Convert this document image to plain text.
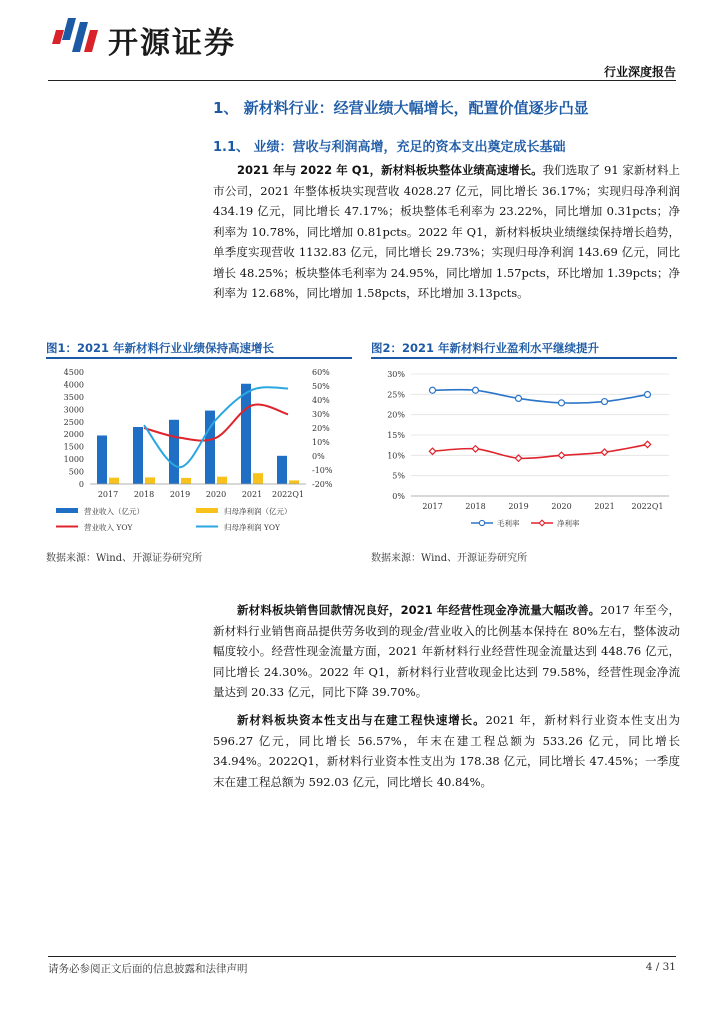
开源证券
行业深度报告
1、 新材料行业：经营业绩大幅增长，配置价值逐步凸显
1.1、 业绩：营收与利润高增，充足的资本支出奠定成长基础
2021 年与 2022 年 Q1，新材料板块整体业绩高速增长。我们选取了 91 家新材料上市公司，2021 年整体板块实现营收 4028.27 亿元，同比增长 36.17%；实现归母净利润 434.19 亿元，同比增长 47.17%；板块整体毛利率为 23.22%，同比增加 0.31pcts；净利率为 10.78%，同比增加 0.81pcts。2022 年 Q1，新材料板块业绩继续保持增长趋势，单季度实现营收 1132.83 亿元，同比增长 29.73%；实现归母净利润 143.69 亿元，同比增长 48.25%；板块整体毛利率为 24.95%，同比增加 1.57pcts，环比增加 1.39pcts；净利率为 12.68%，同比增加 1.58pcts，环比增加 3.13pcts。
图1：2021 年新材料行业业绩保持高速增长	图2：2021 年新材料行业盈利水平继续提升
4500
4000
3500
3000
2500
2000
1500
1000
500
0
60%
50%
40%
30%
20%
10%
0%
-10%
-20%
2017 2018 2019 2020 2021 2022Q1
营业收入（亿元）	归母净利润（亿元）
营业收入 YOY	归母净利润 YOY
30%
25%
20%
15%
10%
5%
0%
2017	2018	2019	2020	2021 2022Q1
毛利率	净利率
数据来源：Wind、开源证券研究所	数据来源：Wind、开源证券研究所
新材料板块销售回款情况良好，2021 年经营性现金净流量大幅改善。2017 年至今，新材料行业销售商品提供劳务收到的现金/营业收入的比例基本保持在 80%左右，整体波动幅度较小。经营性现金流量方面，2021 年新材料行业经营性现金流量达到 448.76 亿元，同比增长 24.30%。2022 年 Q1，新材料行业营收现金比达到 79.58%，经营性现金净流量达到 20.33 亿元，同比下降 39.70%。
新材料板块资本性支出与在建工程快速增长。2021 年，新材料行业资本性支出为 596.27 亿元，同比增长 56.57%，年末在建工程总额为 533.26 亿元，同比增长 34.94%。2022Q1，新材料行业资本性支出为 178.38 亿元，同比增长 47.45%；一季度末在建工程总额为 592.03 亿元，同比增长 40.84%。
请务必参阅正文后面的信息披露和法律声明	4 / 31
